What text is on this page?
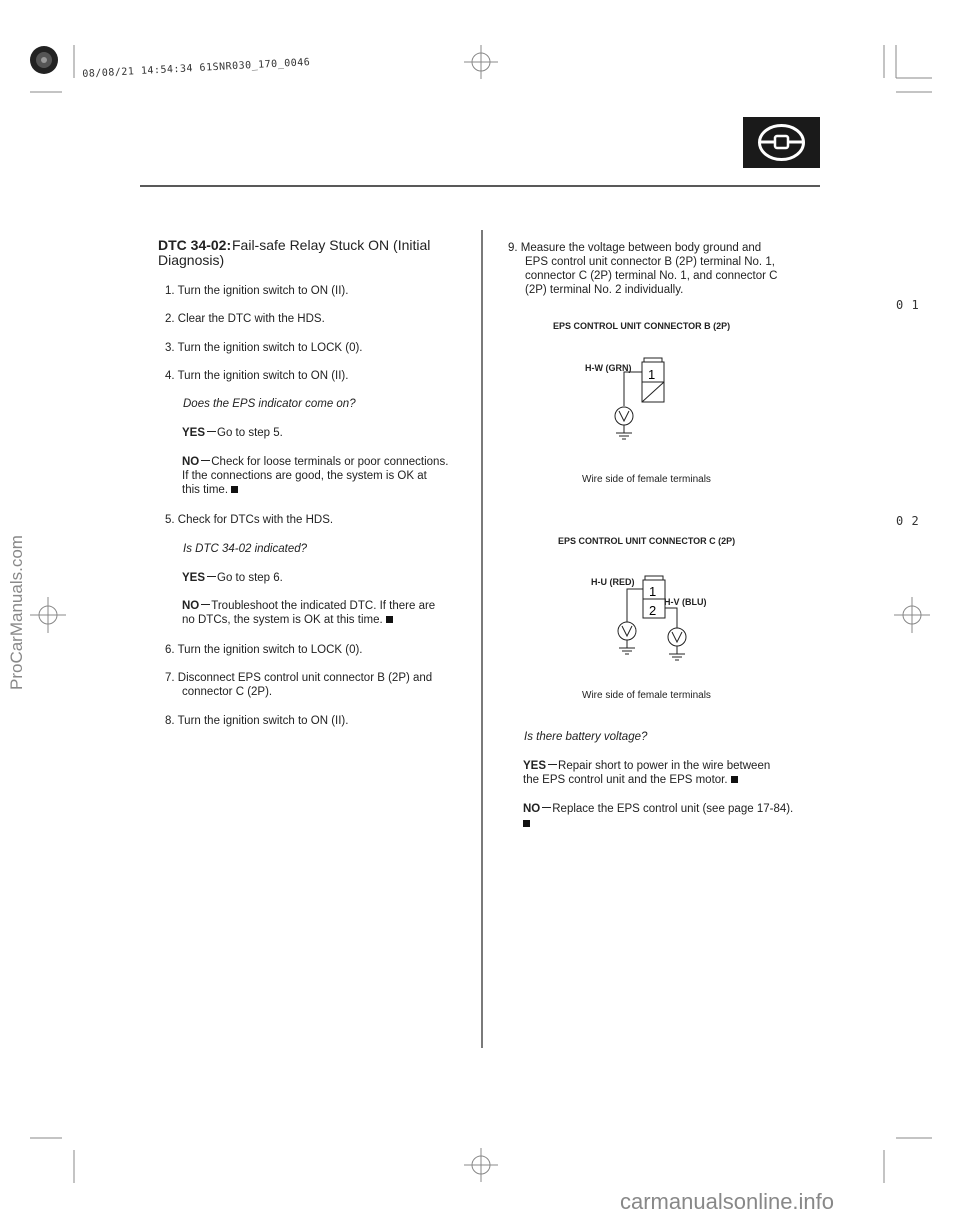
08/08/21 14:54:34 61SNR030_170_0046
0 1
0 2
ProCarManuals.com
carmanualsonline.info
DTC 34-02: Fail-safe Relay Stuck ON (Initial
Diagnosis)
1. Turn the ignition switch to ON (II).
2. Clear the DTC with the HDS.
3. Turn the ignition switch to LOCK (0).
4. Turn the ignition switch to ON (II).
Does the EPS indicator come on?
YES Go to step 5.
NO Check for loose terminals or poor connections.
If the connections are good, the system is OK at
this time.
5. Check for DTCs with the HDS.
Is DTC 34-02 indicated?
YES Go to step 6.
NO Troubleshoot the indicated DTC. If there are
no DTCs, the system is OK at this time.
6. Turn the ignition switch to LOCK (0).
7. Disconnect EPS control unit connector B (2P) and
connector C (2P).
8. Turn the ignition switch to ON (II).
9. Measure the voltage between body ground and
EPS control unit connector B (2P) terminal No. 1,
connector C (2P) terminal No. 1, and connector C
(2P) terminal No. 2 individually.
EPS CONTROL UNIT CONNECTOR B (2P)
H-W (GRN) 1
Wire side of female terminals
EPS CONTROL UNIT CONNECTOR C (2P)
H-U (RED)
H-V (BLU)
1
2
Wire side of female terminals
Is there battery voltage?
YES Repair short to power in the wire between
the EPS control unit and the EPS motor.
NO Replace the EPS control unit (see page 17-84).
